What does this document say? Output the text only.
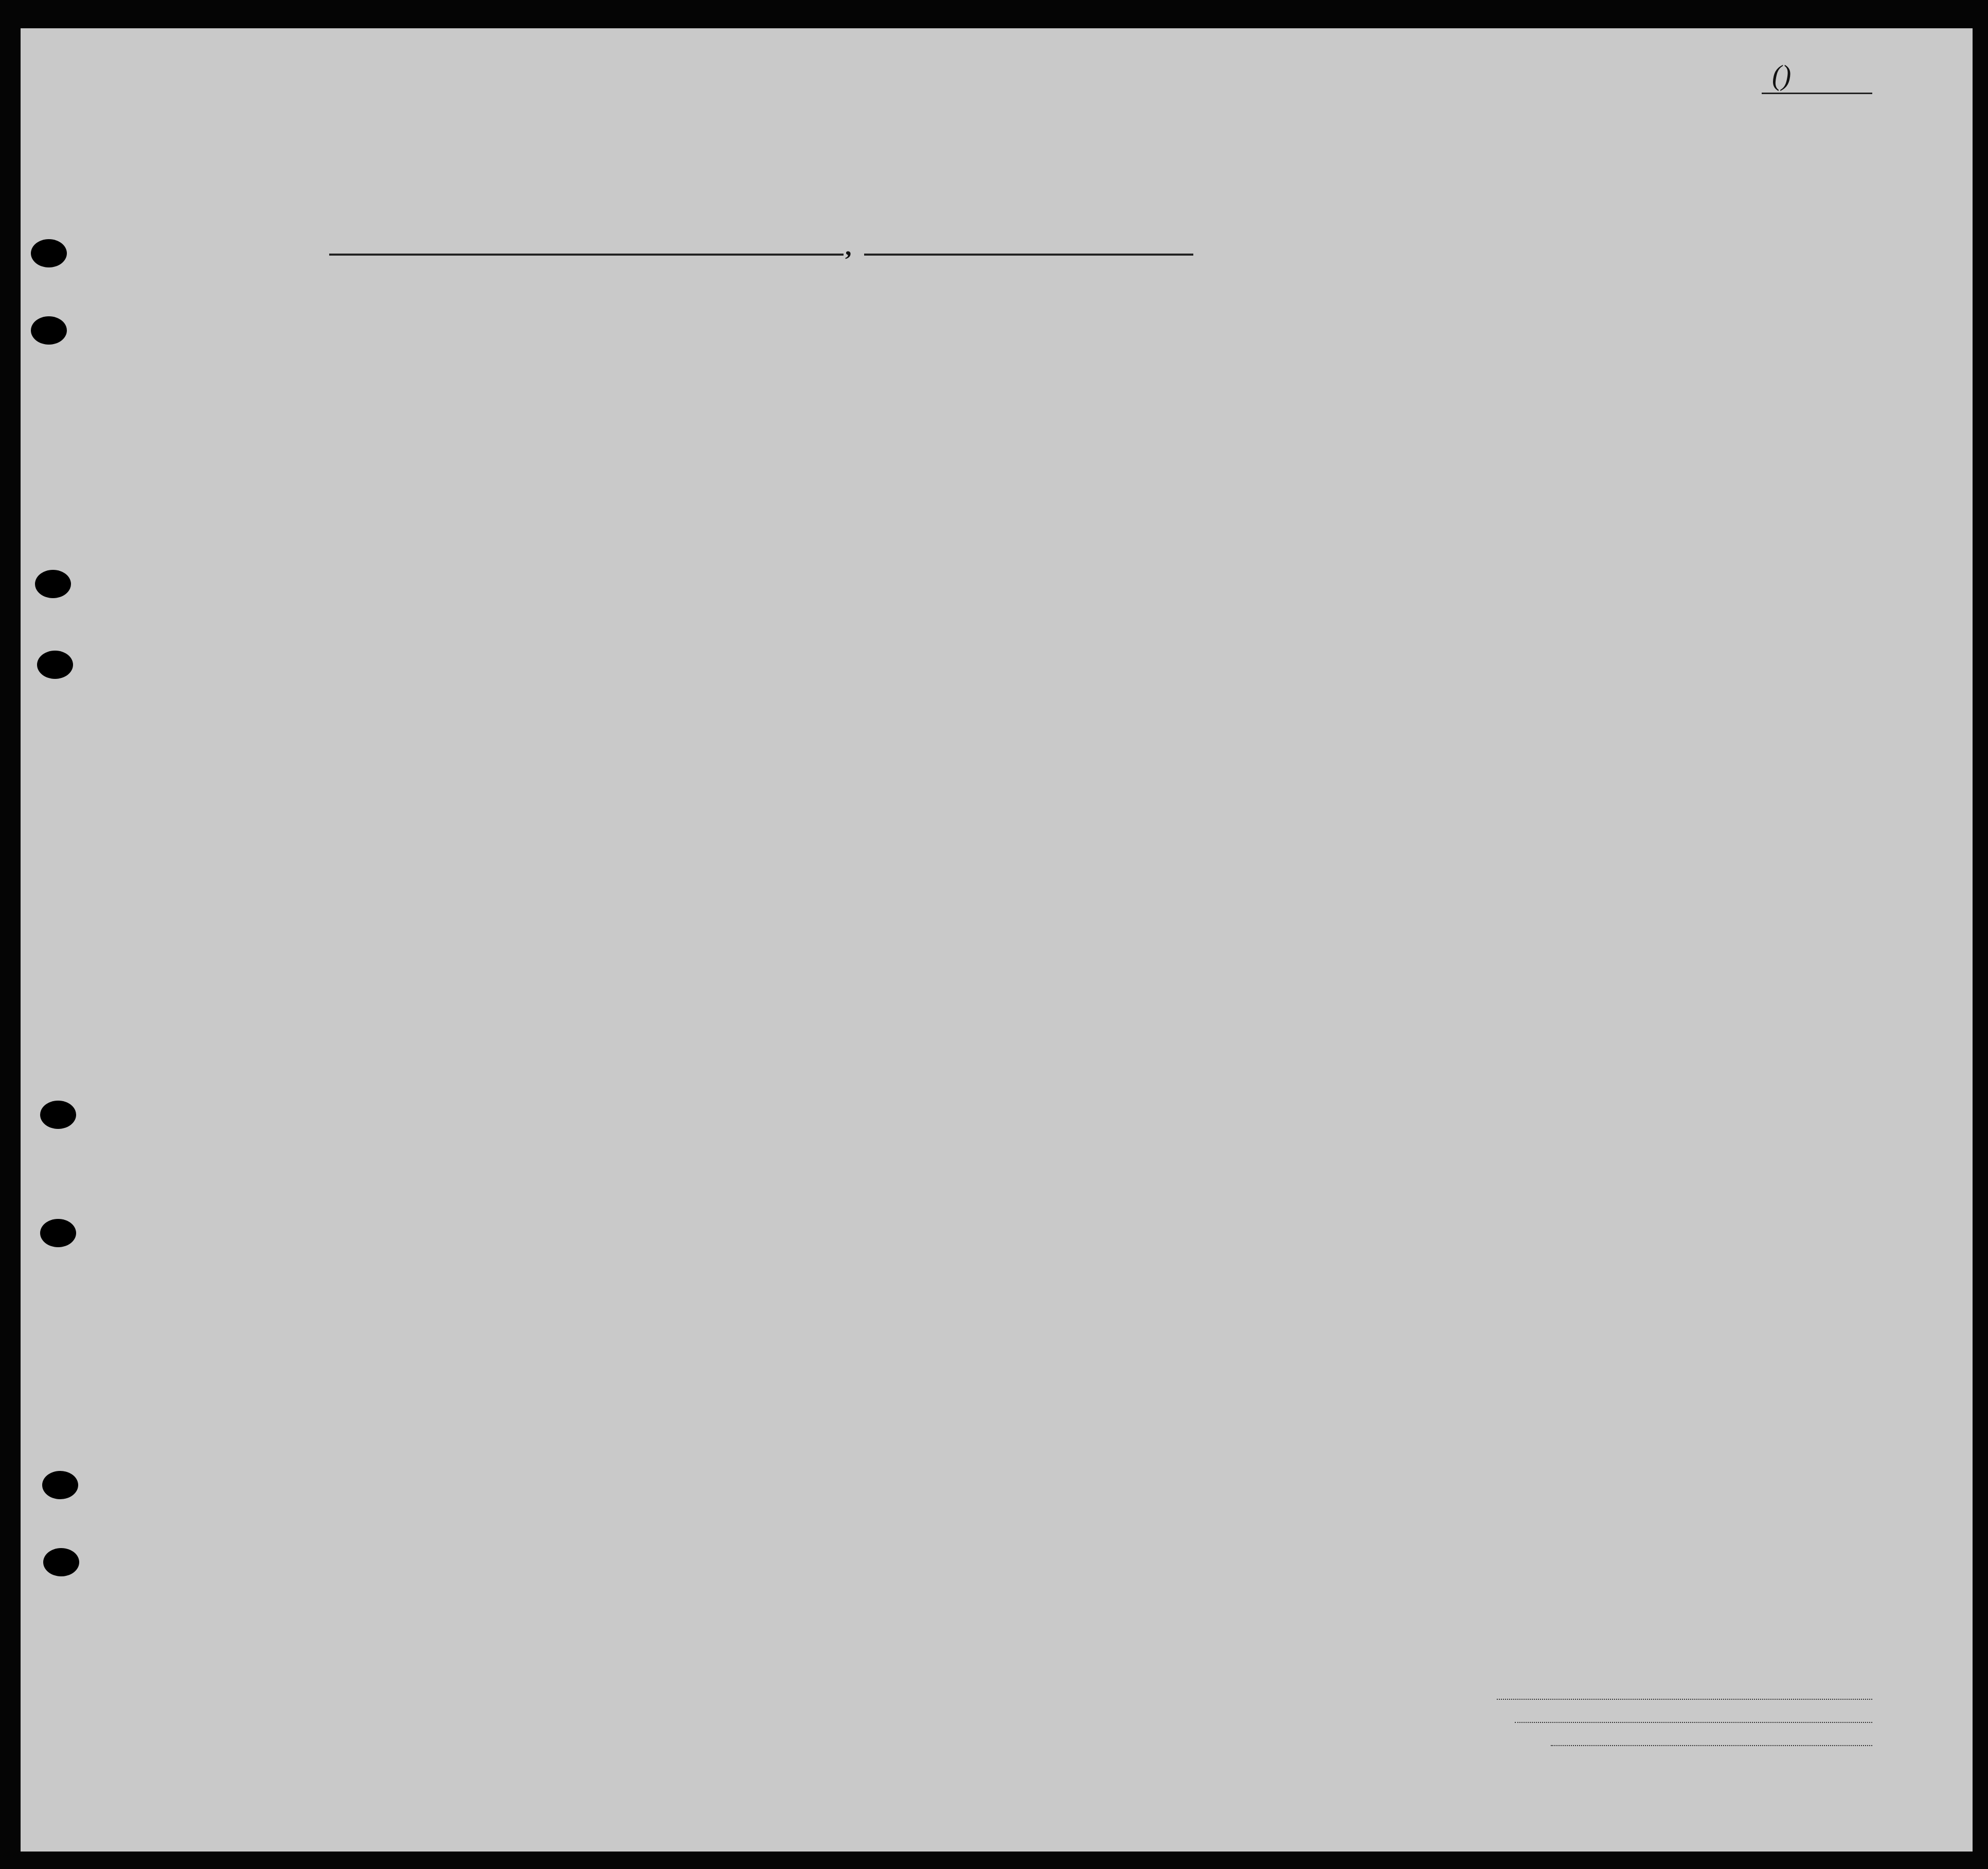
()
,
